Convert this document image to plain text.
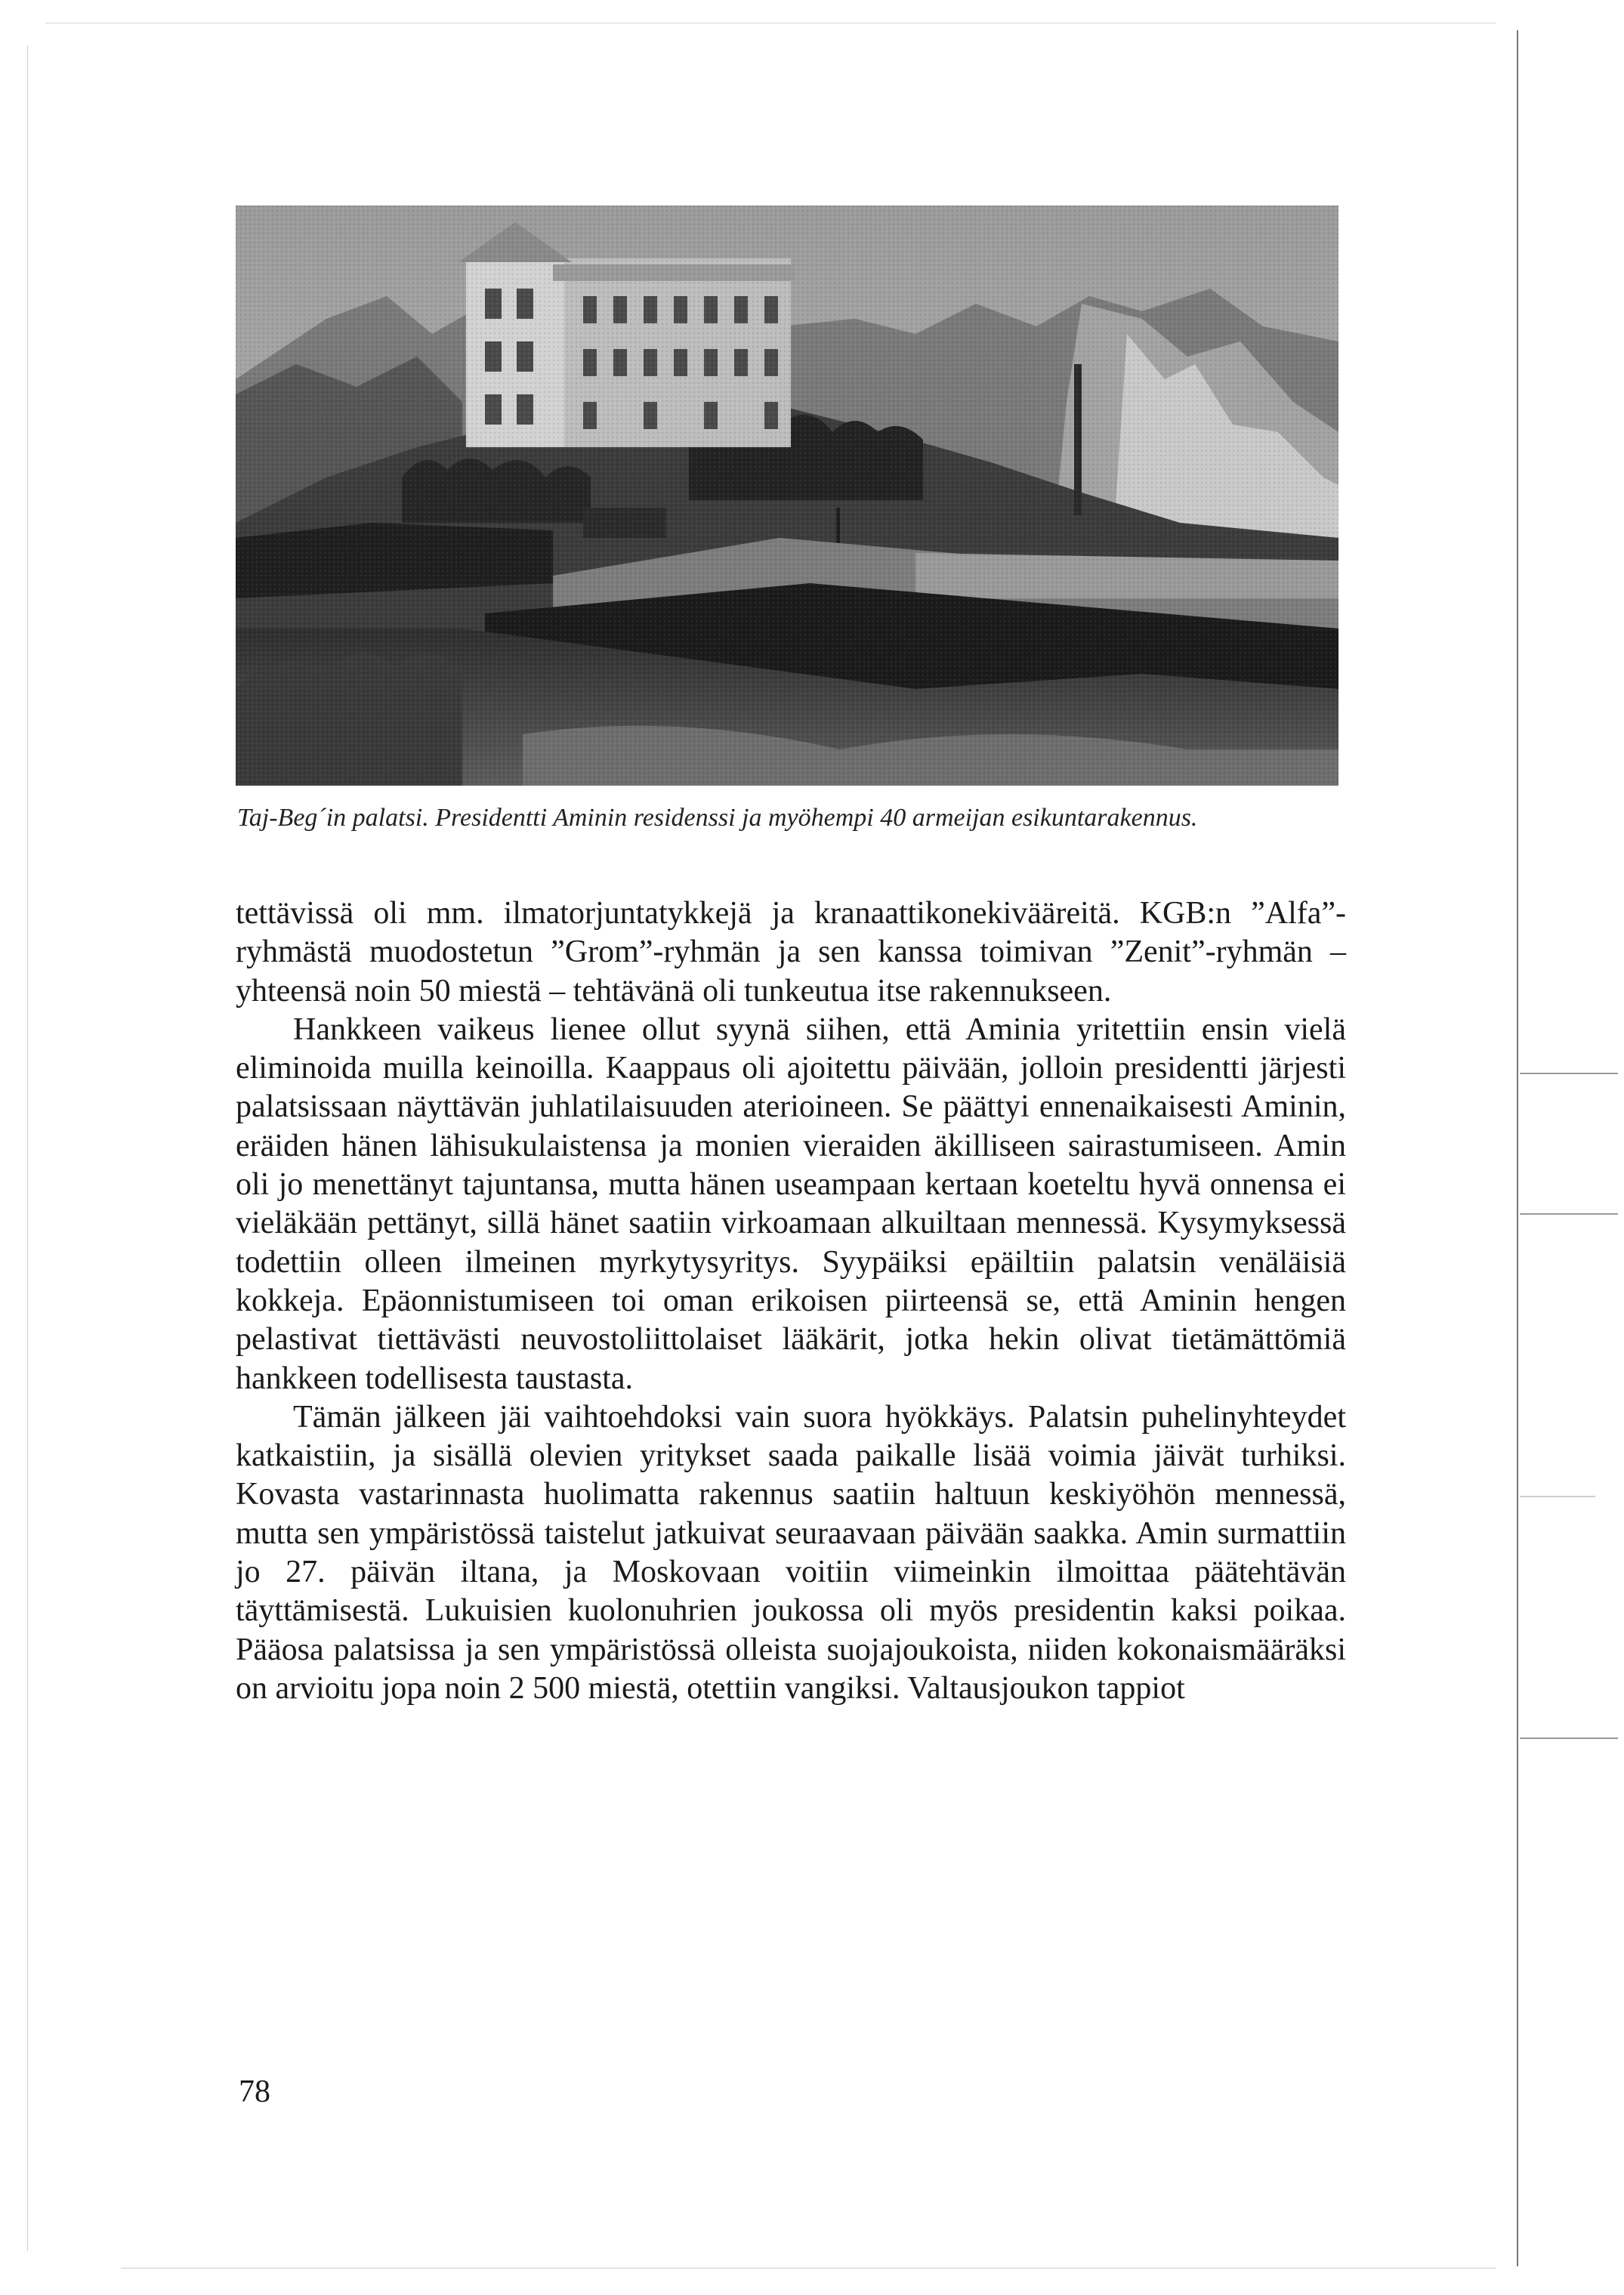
Taj-Beg´in palatsi. Presidentti Aminin residenssi ja myöhempi 40 armeijan esikuntarakennus.

tettävissä oli mm. ilmatorjuntatykkejä ja kranaattikonekivääreitä. KGB:n ”Alfa”-ryhmästä muodostetun ”Grom”-ryhmän ja sen kanssa toimivan ”Zenit”-ryhmän – yhteensä noin 50 miestä – tehtävänä oli tunkeutua itse rakennukseen.

Hankkeen vaikeus lienee ollut syynä siihen, että Aminia yritettiin ensin vielä eliminoida muilla keinoilla. Kaappaus oli ajoitettu päivään, jolloin presidentti järjesti palatsissaan näyttävän juhlatilaisuuden aterioineen. Se päättyi ennenaikaisesti Aminin, eräiden hänen lähisukulaistensa ja monien vieraiden äkilliseen sairastumiseen. Amin oli jo menettänyt tajuntansa, mutta hänen useampaan kertaan koeteltu hyvä onnensa ei vieläkään pettänyt, sillä hänet saatiin virkoamaan alkuiltaan mennessä. Kysymyksessä todettiin olleen ilmeinen myrkytysyritys. Syypäiksi epäiltiin palatsin venäläisiä kokkeja. Epäonnistumiseen toi oman erikoisen piirteensä se, että Aminin hengen pelastivat tiettävästi neuvostoliittolaiset lääkärit, jotka hekin olivat tietämättömiä hankkeen todellisesta taustasta.

Tämän jälkeen jäi vaihtoehdoksi vain suora hyökkäys. Palatsin puhelinyhteydet katkaistiin, ja sisällä olevien yritykset saada paikalle lisää voimia jäivät turhiksi. Kovasta vastarinnasta huolimatta rakennus saatiin haltuun keskiyöhön mennessä, mutta sen ympäristössä taistelut jatkuivat seuraavaan päivään saakka. Amin surmattiin jo 27. päivän iltana, ja Moskovaan voitiin viimeinkin ilmoittaa päätehtävän täyttämisestä. Lukuisien kuolonuhrien joukossa oli myös presidentin kaksi poikaa. Pääosa palatsissa ja sen ympäristössä olleista suojajoukoista, niiden kokonaismääräksi on arvioitu jopa noin 2 500 miestä, otettiin vangiksi. Valtausjoukon tappiot

78
